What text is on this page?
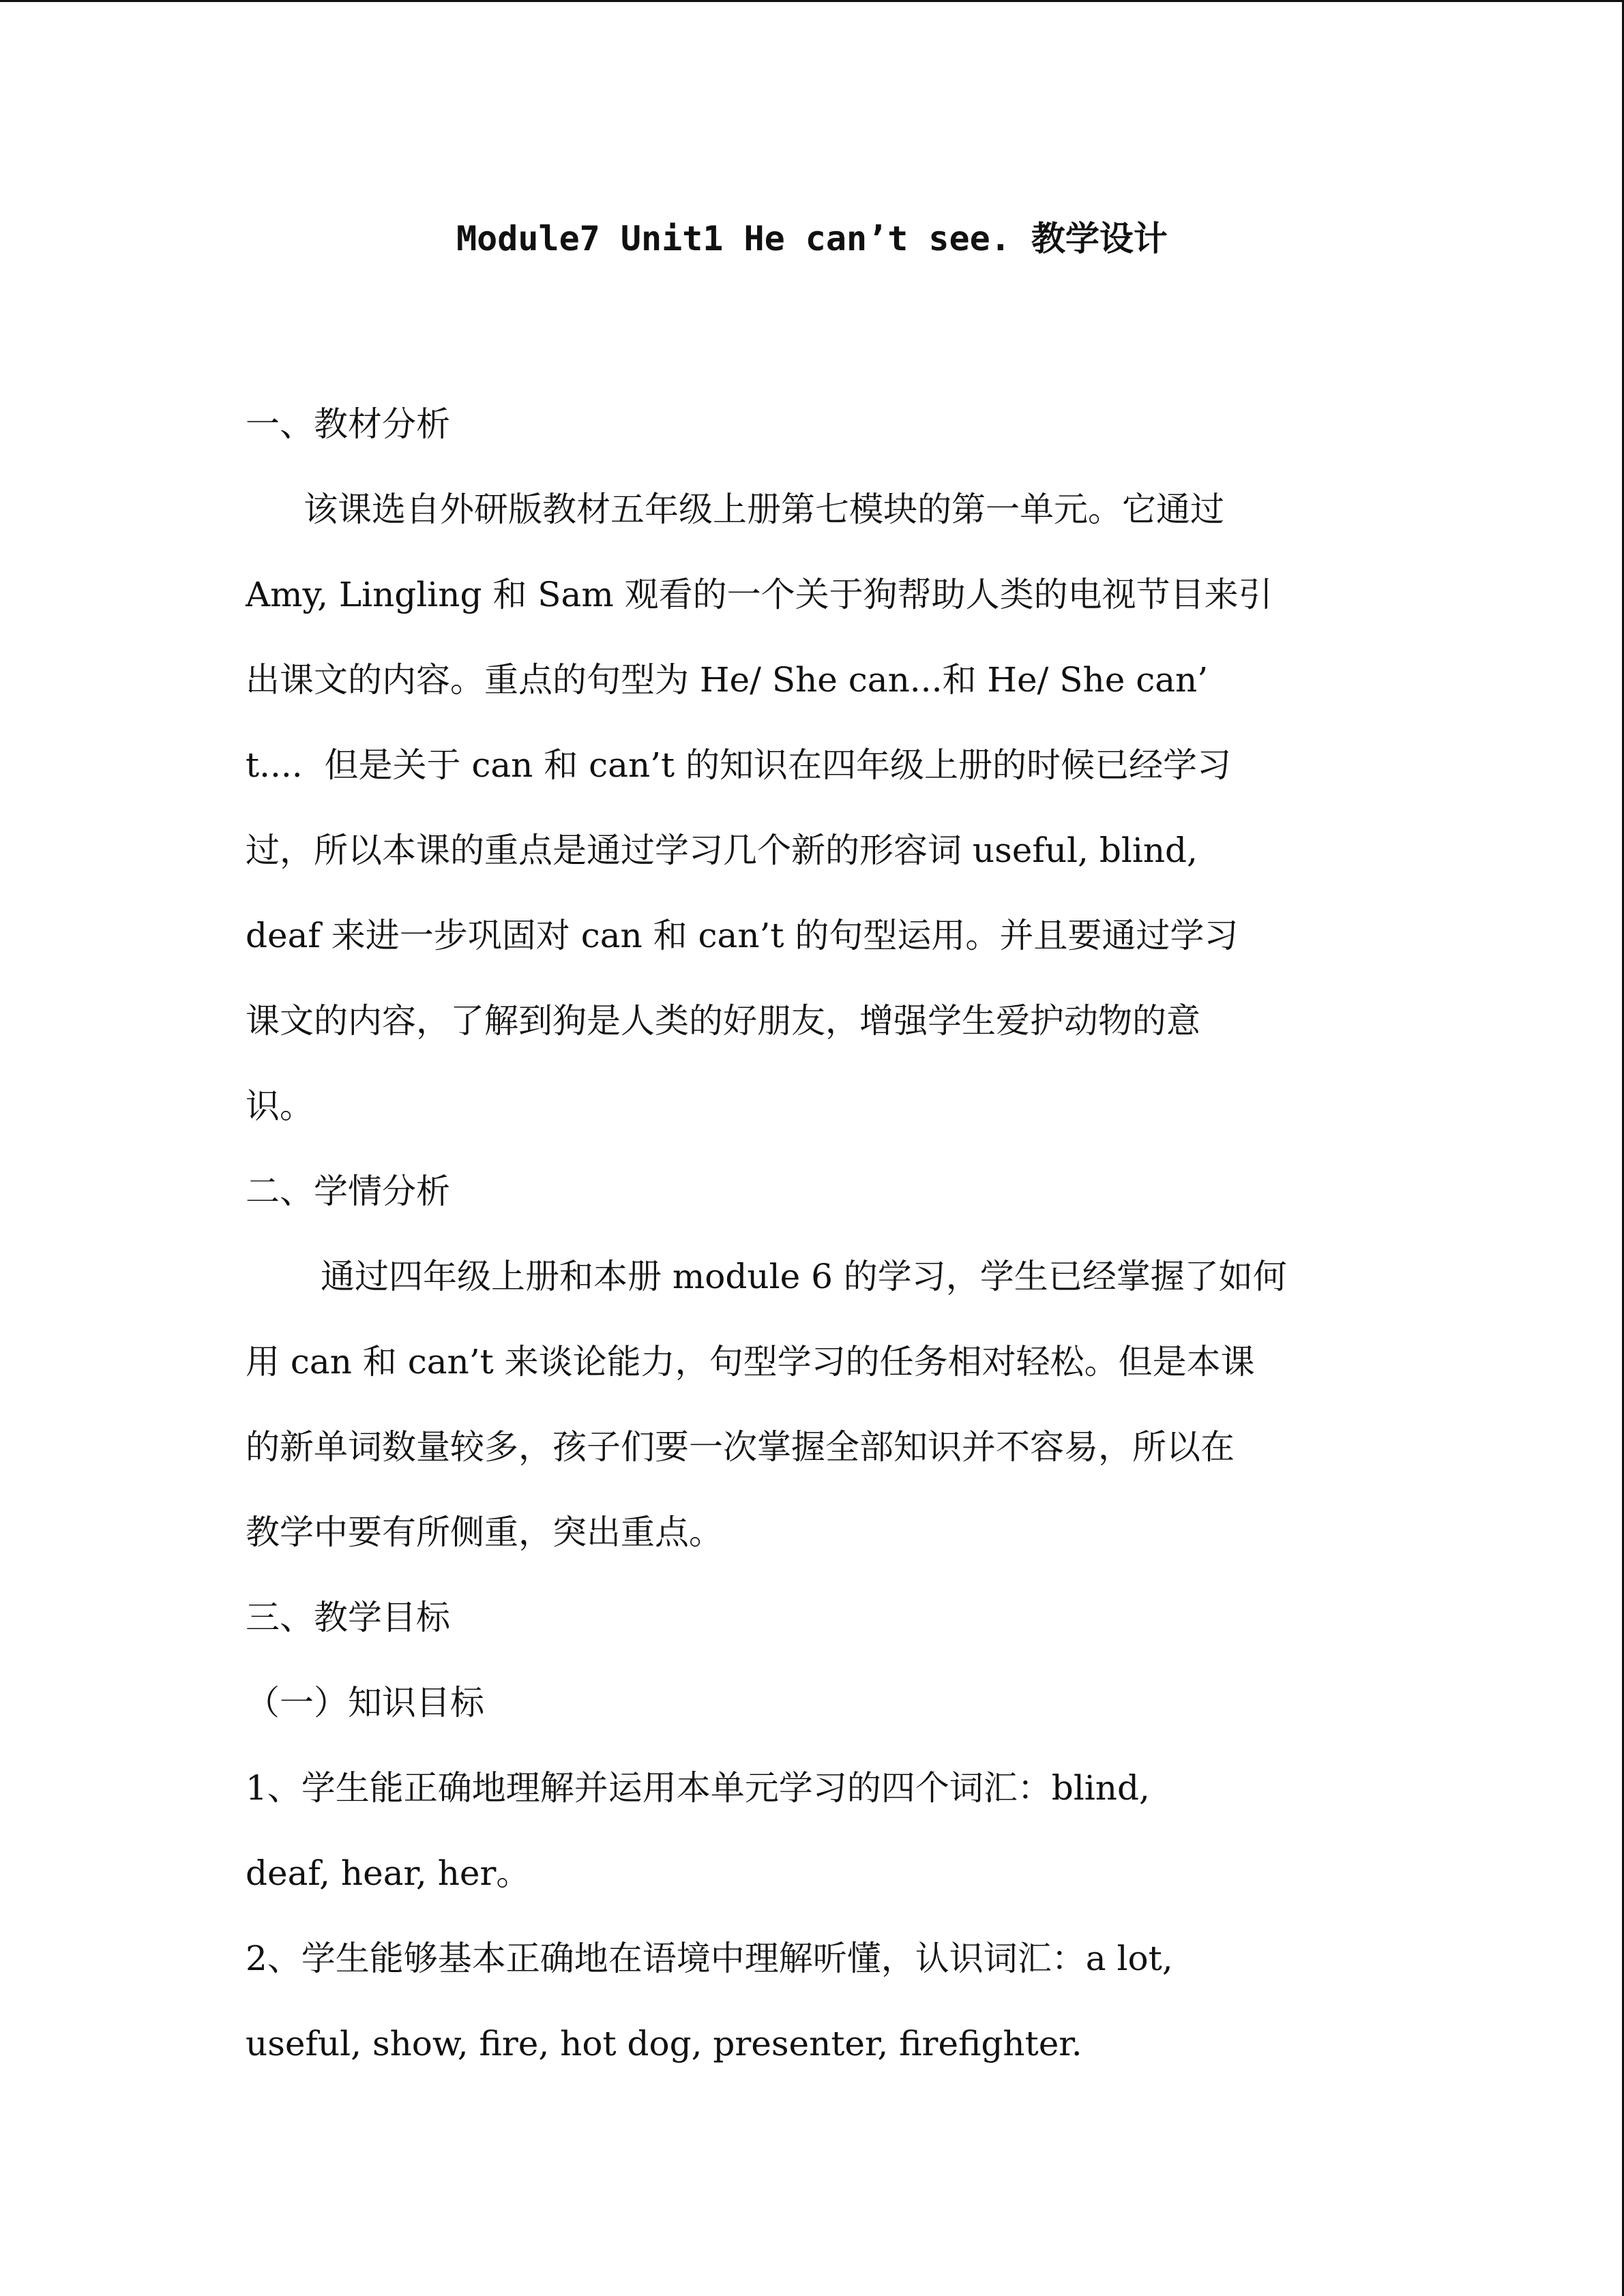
Module7 Unit1 He can’t see. 教学设计
一、教材分析
该课选自外研版教材五年级上册第七模块的第一单元。它通过
Amy, Lingling 和 Sam 观看的一个关于狗帮助人类的电视节目来引
出课文的内容。重点的句型为 He/ She can...和 He/ She can’
t....  但是关于 can 和 can’t 的知识在四年级上册的时候已经学习
过，所以本课的重点是通过学习几个新的形容词 useful, blind,
deaf 来进一步巩固对 can 和 can’t 的句型运用。并且要通过学习
课文的内容，了解到狗是人类的好朋友，增强学生爱护动物的意
识。
二、学情分析
通过四年级上册和本册 module 6 的学习，学生已经掌握了如何
用 can 和 can’t 来谈论能力，句型学习的任务相对轻松。但是本课
的新单词数量较多，孩子们要一次掌握全部知识并不容易，所以在
教学中要有所侧重，突出重点。
三、教学目标
（一）知识目标
1、学生能正确地理解并运用本单元学习的四个词汇：blind,
deaf, hear, her。
2、学生能够基本正确地在语境中理解听懂，认识词汇：a lot,
useful, show, fire, hot dog, presenter, firefighter.
